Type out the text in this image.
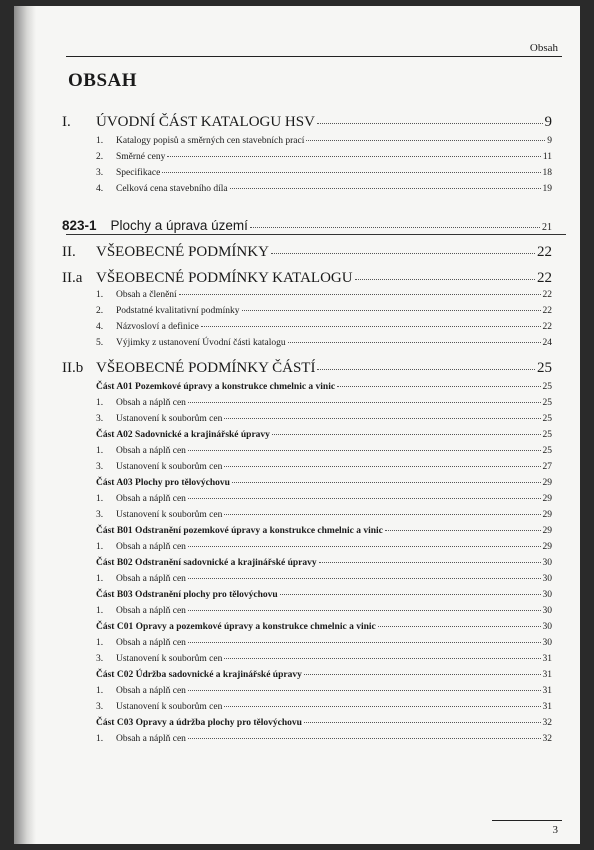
Obsah
OBSAH
I.	ÚVODNÍ ČÁST KATALOGU HSV	9
1.	Katalogy popisů a směrných cen stavebních prací	9
2.	Směrné ceny	11
3.	Specifikace	18
4.	Celková cena stavebního díla	19
823-1 Plochy a úprava území	21
II.	VŠEOBECNÉ PODMÍNKY	22
II.a VŠEOBECNÉ PODMÍNKY KATALOGU	22
1.	Obsah a členění	22
2.	Podstatné kvalitativní podmínky	22
4.	Názvosloví a definice	22
5.	Výjimky z ustanovení Úvodní části katalogu	24
II.b VŠEOBECNÉ PODMÍNKY ČÁSTÍ	25
Část A01 Pozemkové úpravy a konstrukce chmelnic a vinic	25
1.	Obsah a náplň cen	25
3.	Ustanovení k souborům cen	25
Část A02 Sadovnické a krajinářské úpravy	25
1.	Obsah a náplň cen	25
3.	Ustanovení k souborům cen	27
Část A03 Plochy pro tělovýchovu	29
1.	Obsah a náplň cen	29
3.	Ustanovení k souborům cen	29
Část B01 Odstranění pozemkové úpravy a konstrukce chmelnic a vinic	29
1.	Obsah a náplň cen	29
Část B02 Odstranění sadovnické a krajinářské úpravy	30
1.	Obsah a náplň cen	30
Část B03 Odstranění plochy pro tělovýchovu	30
1.	Obsah a náplň cen	30
Část C01 Opravy a pozemkové úpravy a konstrukce chmelnic a vinic	30
1.	Obsah a náplň cen	30
3.	Ustanovení k souborům cen	31
Část C02 Údržba sadovnické a krajinářské úpravy	31
1.	Obsah a náplň cen	31
3.	Ustanovení k souborům cen	31
Část C03 Opravy a údržba plochy pro tělovýchovu	32
1.	Obsah a náplň cen	32
3
